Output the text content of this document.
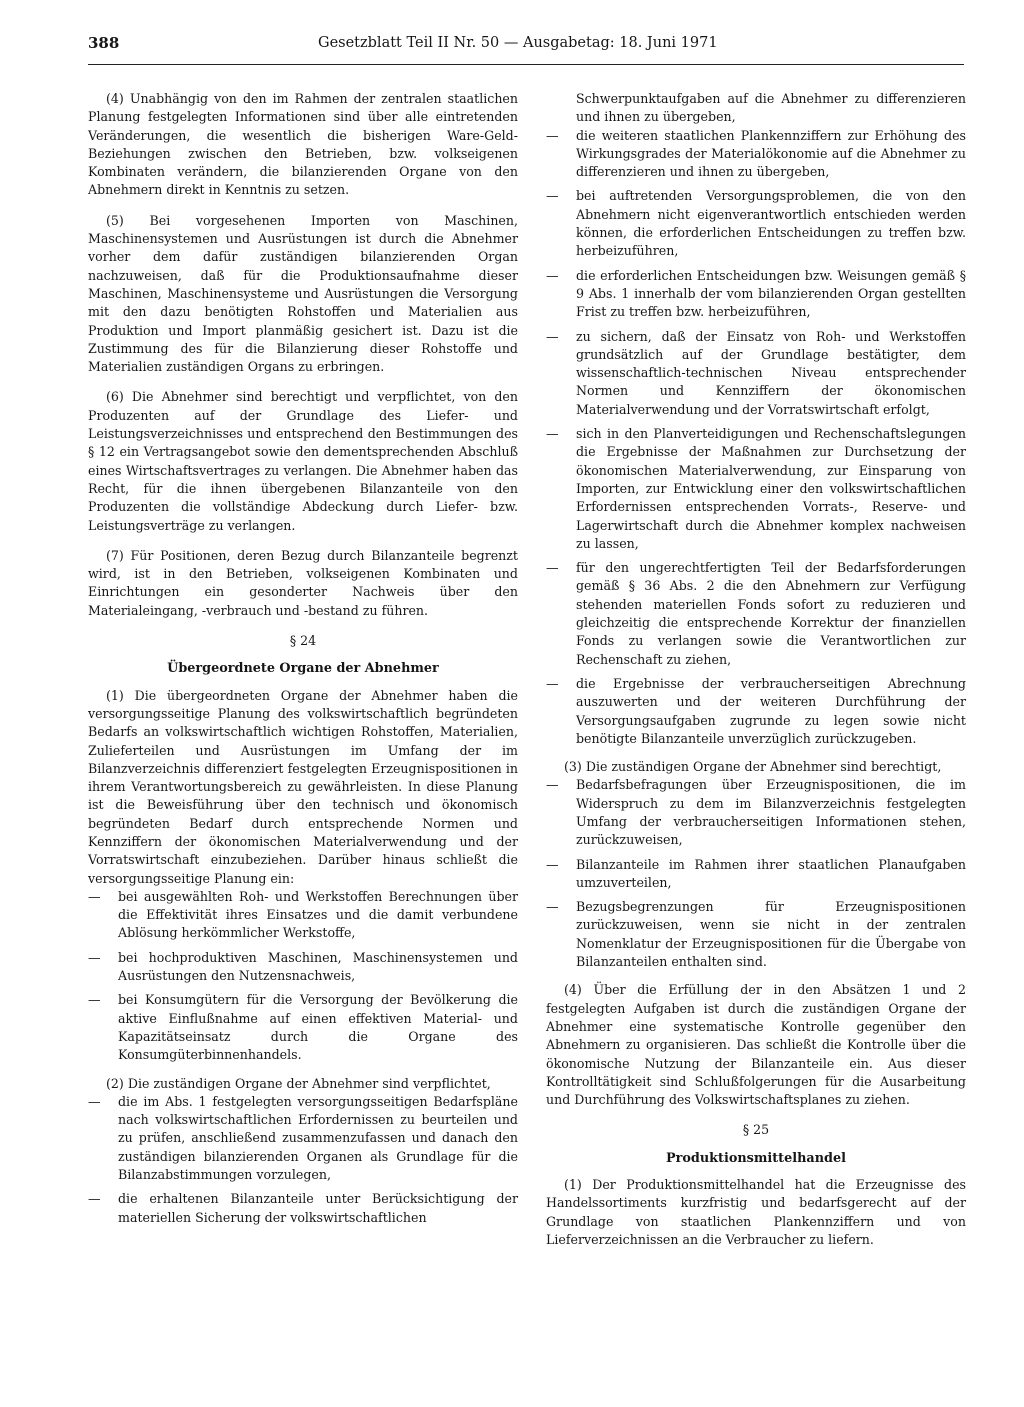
388	Gesetzblatt Teil II Nr. 50 — Ausgabetag: 18. Juni 1971

(4) Unabhängig von den im Rahmen der zentralen staatlichen Planung festgelegten Informationen sind über alle eintretenden Veränderungen, die wesentlich die bisherigen Ware-Geld-Beziehungen zwischen den Betrieben, bzw. volkseigenen Kombinaten verändern, die bilanzierenden Organe von den Abnehmern direkt in Kenntnis zu setzen.

(5) Bei vorgesehenen Importen von Maschinen, Maschinensystemen und Ausrüstungen ist durch die Abnehmer vorher dem dafür zuständigen bilanzierenden Organ nachzuweisen, daß für die Produktionsaufnahme dieser Maschinen, Maschinensysteme und Ausrüstungen die Versorgung mit den dazu benötigten Rohstoffen und Materialien aus Produktion und Import planmäßig gesichert ist. Dazu ist die Zustimmung des für die Bilanzierung dieser Rohstoffe und Materialien zuständigen Organs zu erbringen.

(6) Die Abnehmer sind berechtigt und verpflichtet, von den Produzenten auf der Grundlage des Liefer- und Leistungsverzeichnisses und entsprechend den Bestimmungen des § 12 ein Vertragsangebot sowie den dementsprechenden Abschluß eines Wirtschaftsvertrages zu verlangen. Die Abnehmer haben das Recht, für die ihnen übergebenen Bilanzanteile von den Produzenten die vollständige Abdeckung durch Liefer- bzw. Leistungsverträge zu verlangen.

(7) Für Positionen, deren Bezug durch Bilanzanteile begrenzt wird, ist in den Betrieben, volkseigenen Kombinaten und Einrichtungen ein gesonderter Nachweis über den Materialeingang, -verbrauch und -bestand zu führen.

§ 24
Übergeordnete Organe der Abnehmer

(1) Die übergeordneten Organe der Abnehmer haben die versorgungsseitige Planung des volkswirtschaftlich begründeten Bedarfs an volkswirtschaftlich wichtigen Rohstoffen, Materialien, Zulieferteilen und Ausrüstungen im Umfang der im Bilanzverzeichnis differenziert festgelegten Erzeugnispositionen in ihrem Verantwortungsbereich zu gewährleisten. In diese Planung ist die Beweisführung über den technisch und ökonomisch begründeten Bedarf durch entsprechende Normen und Kennziffern der ökonomischen Materialverwendung und der Vorratswirtschaft einzubeziehen. Darüber hinaus schließt die versorgungsseitige Planung ein:

— bei ausgewählten Roh- und Werkstoffen Berechnungen über die Effektivität ihres Einsatzes und die damit verbundene Ablösung herkömmlicher Werkstoffe,
— bei hochproduktiven Maschinen, Maschinensystemen und Ausrüstungen den Nutzensnachweis,
— bei Konsumgütern für die Versorgung der Bevölkerung die aktive Einflußnahme auf einen effektiven Material- und Kapazitätseinsatz durch die Organe des Konsumgüterbinnenhandels.

(2) Die zuständigen Organe der Abnehmer sind verpflichtet,

— die im Abs. 1 festgelegten versorgungsseitigen Bedarfspläne nach volkswirtschaftlichen Erfordernissen zu beurteilen und zu prüfen, anschließend zusammenzufassen und danach den zuständigen bilanzierenden Organen als Grundlage für die Bilanzabstimmungen vorzulegen,
— die erhaltenen Bilanzanteile unter Berücksichtigung der materiellen Sicherung der volkswirtschaftlichen

Schwerpunktaufgaben auf die Abnehmer zu differenzieren und ihnen zu übergeben,

— die weiteren staatlichen Plankennziffern zur Erhöhung des Wirkungsgrades der Materialökonomie auf die Abnehmer zu differenzieren und ihnen zu übergeben,
— bei auftretenden Versorgungsproblemen, die von den Abnehmern nicht eigenverantwortlich entschieden werden können, die erforderlichen Entscheidungen zu treffen bzw. herbeizuführen,
— die erforderlichen Entscheidungen bzw. Weisungen gemäß § 9 Abs. 1 innerhalb der vom bilanzierenden Organ gestellten Frist zu treffen bzw. herbeizuführen,
— zu sichern, daß der Einsatz von Roh- und Werkstoffen grundsätzlich auf der Grundlage bestätigter, dem wissenschaftlich-technischen Niveau entsprechender Normen und Kennziffern der ökonomischen Materialverwendung und der Vorratswirtschaft erfolgt,
— sich in den Planverteidigungen und Rechenschaftslegungen die Ergebnisse der Maßnahmen zur Durchsetzung der ökonomischen Materialverwendung, zur Einsparung von Importen, zur Entwicklung einer den volkswirtschaftlichen Erfordernissen entsprechenden Vorrats-, Reserve- und Lagerwirtschaft durch die Abnehmer komplex nachweisen zu lassen,
— für den ungerechtfertigten Teil der Bedarfsforderungen gemäß § 36 Abs. 2 die den Abnehmern zur Verfügung stehenden materiellen Fonds sofort zu reduzieren und gleichzeitig die entsprechende Korrektur der finanziellen Fonds zu verlangen sowie die Verantwortlichen zur Rechenschaft zu ziehen,
— die Ergebnisse der verbraucherseitigen Abrechnung auszuwerten und der weiteren Durchführung der Versorgungsaufgaben zugrunde zu legen sowie nicht benötigte Bilanzanteile unverzüglich zurückzugeben.

(3) Die zuständigen Organe der Abnehmer sind berechtigt,

— Bedarfsbefragungen über Erzeugnispositionen, die im Widerspruch zu dem im Bilanzverzeichnis festgelegten Umfang der verbraucherseitigen Informationen stehen, zurückzuweisen,
— Bilanzanteile im Rahmen ihrer staatlichen Planaufgaben umzuverteilen,
— Bezugsbegrenzungen für Erzeugnispositionen zurückzuweisen, wenn sie nicht in der zentralen Nomenklatur der Erzeugnispositionen für die Übergabe von Bilanzanteilen enthalten sind.

(4) Über die Erfüllung der in den Absätzen 1 und 2 festgelegten Aufgaben ist durch die zuständigen Organe der Abnehmer eine systematische Kontrolle gegenüber den Abnehmern zu organisieren. Das schließt die Kontrolle über die ökonomische Nutzung der Bilanzanteile ein. Aus dieser Kontrolltätigkeit sind Schlußfolgerungen für die Ausarbeitung und Durchführung des Volkswirtschaftsplanes zu ziehen.

§ 25
Produktionsmittelhandel

(1) Der Produktionsmittelhandel hat die Erzeugnisse des Handelssortiments kurzfristig und bedarfsgerecht auf der Grundlage von staatlichen Plankennziffern und von Lieferverzeichnissen an die Verbraucher zu liefern.
